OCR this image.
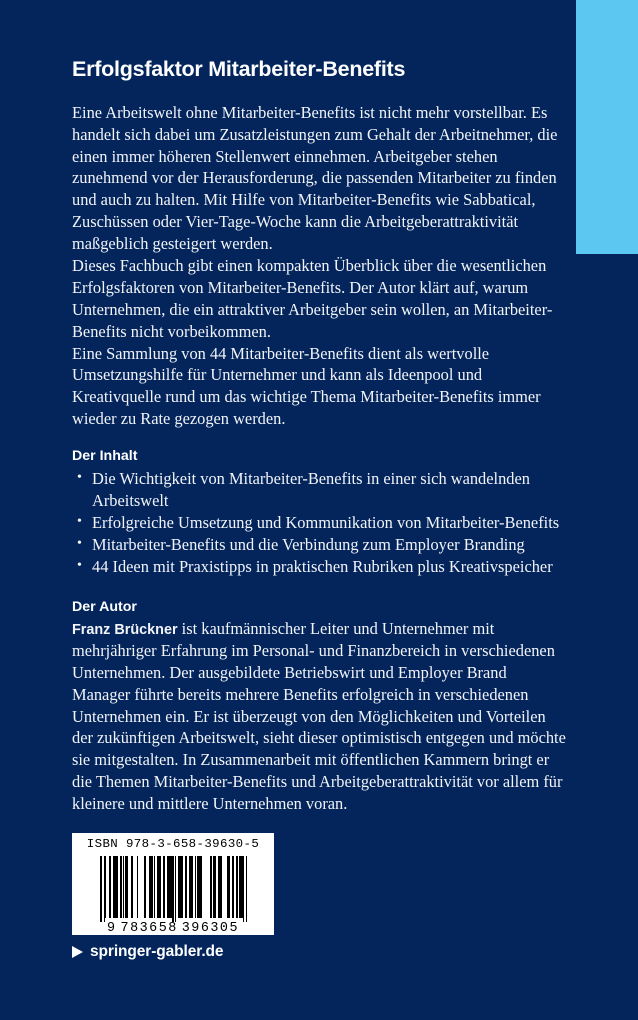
Erfolgsfaktor Mitarbeiter-Benefits

Eine Arbeitswelt ohne Mitarbeiter-Benefits ist nicht mehr vorstellbar. Es handelt sich dabei um Zusatzleistungen zum Gehalt der Arbeitnehmer, die einen immer höheren Stellenwert einnehmen. Arbeitgeber stehen zunehmend vor der Herausforderung, die passenden Mitarbeiter zu finden und auch zu halten. Mit Hilfe von Mitarbeiter-Benefits wie Sabbatical, Zuschüssen oder Vier-Tage-Woche kann die Arbeitgeberattraktivität maßgeblich gesteigert werden.

Dieses Fachbuch gibt einen kompakten Überblick über die wesentlichen Erfolgsfaktoren von Mitarbeiter-Benefits. Der Autor klärt auf, warum Unternehmen, die ein attraktiver Arbeitgeber sein wollen, an Mitarbeiter- Benefits nicht vorbeikommen.

Eine Sammlung von 44 Mitarbeiter-Benefits dient als wertvolle Umsetzungshilfe für Unternehmer und kann als Ideenpool und Kreativquelle rund um das wichtige Thema Mitarbeiter-Benefits immer wieder zu Rate gezogen werden.

Der Inhalt
• Die Wichtigkeit von Mitarbeiter-Benefits in einer sich wandelnden Arbeitswelt
• Erfolgreiche Umsetzung und Kommunikation von Mitarbeiter-Benefits
• Mitarbeiter-Benefits und die Verbindung zum Employer Branding
• 44 Ideen mit Praxistipps in praktischen Rubriken plus Kreativspeicher
Der Autor

Franz Brückner ist kaufmännischer Leiter und Unternehmer mit mehrjähriger Erfahrung im Personal- und Finanzbereich in verschiedenen Unternehmen. Der ausgebildete Betriebswirt und Employer Brand Manager führte bereits mehrere Benefits erfolgreich in verschiedenen Unternehmen ein. Er ist überzeugt von den Möglichkeiten und Vorteilen der zukünftigen Arbeitswelt, sieht dieser optimistisch entgegen und möchte sie mitgestalten. In Zusammenarbeit mit öffentlichen Kammern bringt er die Themen Mitarbeiter-Benefits und Arbeitgeberattraktivität vor allem für kleinere und mittlere Unternehmen voran.

ISBN 978-3-658-39630-5
9 783658 396305
springer-gabler.de
